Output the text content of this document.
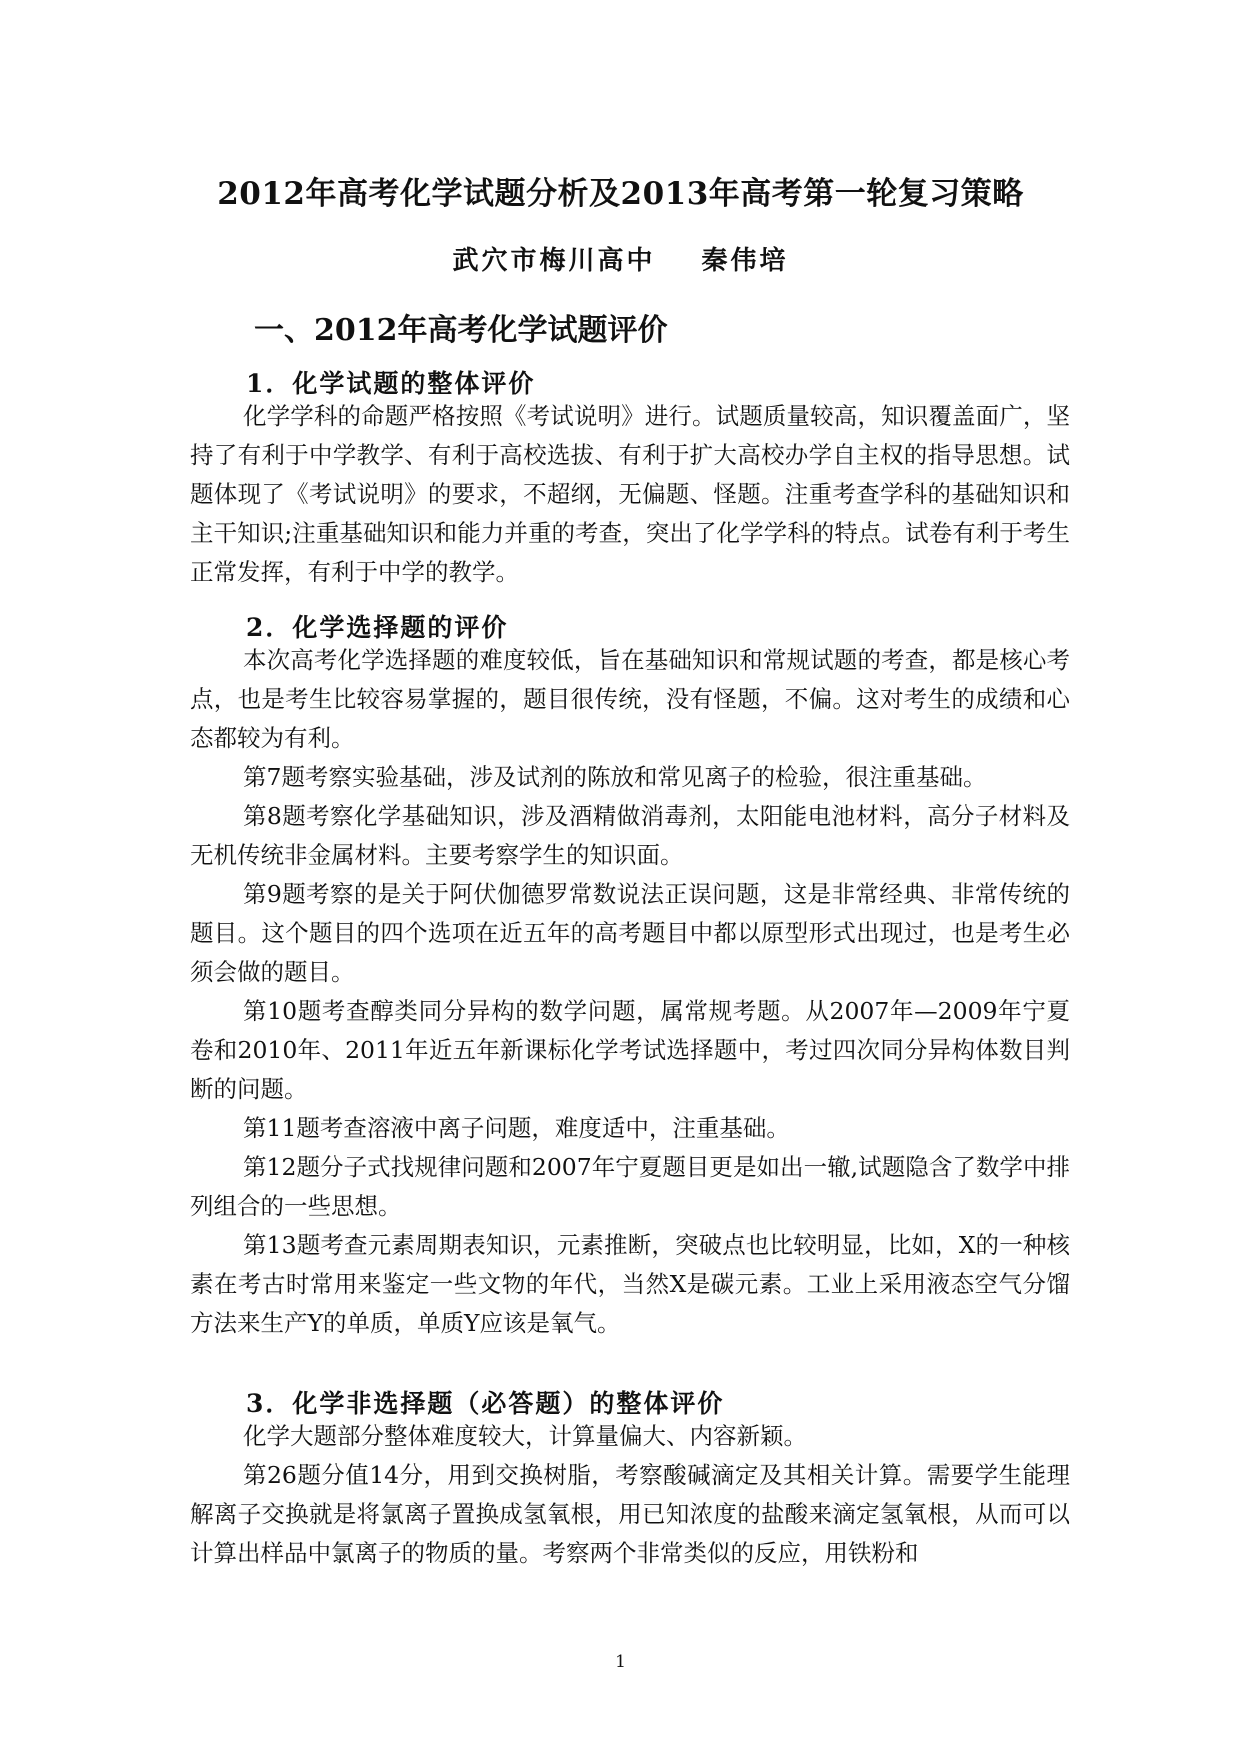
2012年高考化学试题分析及2013年高考第一轮复习策略
武穴市梅川高中 秦伟培
一、2012年高考化学试题评价
1．化学试题的整体评价

化学学科的命题严格按照《考试说明》进行。试题质量较高，知识覆盖面广，坚持了有利于中学教学、有利于高校选拔、有利于扩大高校办学自主权的指导思想。试题体现了《考试说明》的要求，不超纲，无偏题、怪题。注重考查学科的基础知识和主干知识;注重基础知识和能力并重的考查，突出了化学学科的特点。试卷有利于考生正常发挥，有利于中学的教学。

2．化学选择题的评价

本次高考化学选择题的难度较低，旨在基础知识和常规试题的考查，都是核心考点，也是考生比较容易掌握的，题目很传统，没有怪题，不偏。这对考生的成绩和心态都较为有利。

第7题考察实验基础，涉及试剂的陈放和常见离子的检验，很注重基础。

第8题考察化学基础知识，涉及酒精做消毒剂，太阳能电池材料，高分子材料及无机传统非金属材料。主要考察学生的知识面。

第9题考察的是关于阿伏伽德罗常数说法正误问题，这是非常经典、非常传统的题目。这个题目的四个选项在近五年的高考题目中都以原型形式出现过，也是考生必须会做的题目。

第10题考查醇类同分异构的数学问题，属常规考题。从2007年—2009年宁夏卷和2010年、2011年近五年新课标化学考试选择题中，考过四次同分异构体数目判断的问题。

第11题考查溶液中离子问题，难度适中，注重基础。

第12题分子式找规律问题和2007年宁夏题目更是如出一辙,试题隐含了数学中排列组合的一些思想。

第13题考查元素周期表知识，元素推断，突破点也比较明显，比如，X的一种核素在考古时常用来鉴定一些文物的年代，当然X是碳元素。工业上采用液态空气分馏方法来生产Y的单质，单质Y应该是氧气。

3．化学非选择题（必答题）的整体评价

化学大题部分整体难度较大，计算量偏大、内容新颖。

第26题分值14分，用到交换树脂，考察酸碱滴定及其相关计算。需要学生能理解离子交换就是将氯离子置换成氢氧根，用已知浓度的盐酸来滴定氢氧根，从而可以计算出样品中氯离子的物质的量。考察两个非常类似的反应，用铁粉和

1
